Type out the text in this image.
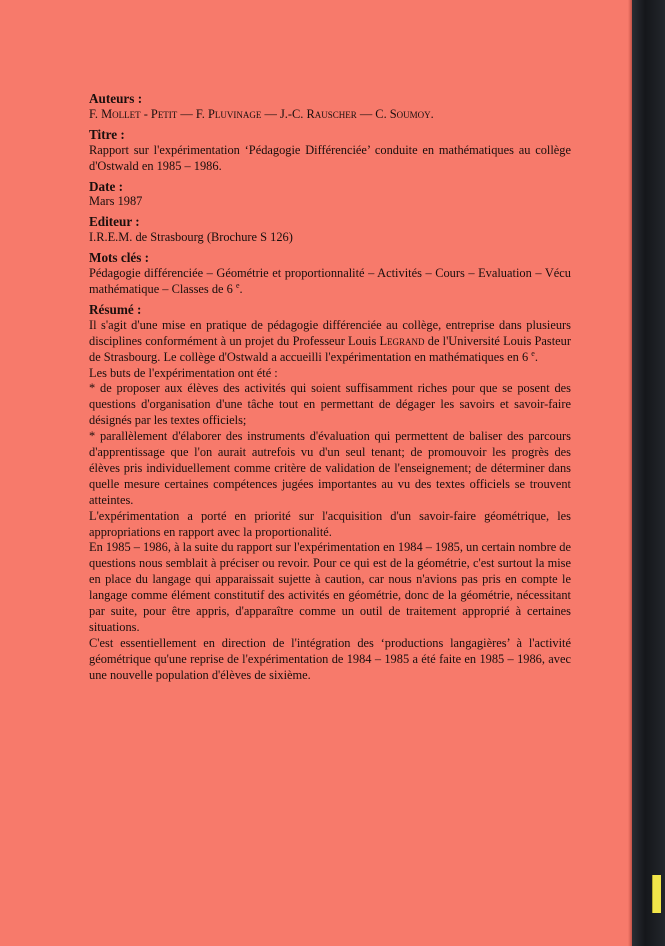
Auteurs :

F. Mollet - Petit — F. Pluvinage — J.-C. Rauscher — C. Soumoy.

Titre :

Rapport sur l'expérimentation ‘Pédagogie Différenciée’ conduite en mathématiques au collège d'Ostwald en 1985 – 1986.

Date :

Mars 1987

Editeur :

I.R.E.M. de Strasbourg (Brochure S 126)

Mots clés :

Pédagogie différenciée – Géométrie et proportionnalité – Activités – Cours – Evaluation – Vécu mathématique – Classes de 6 $^e$.

Résumé :

Il s'agit d'une mise en pratique de pédagogie différenciée au collège, entreprise dans plusieurs disciplines conformément à un projet du Professeur Louis Legrand de l'Université Louis Pasteur de Strasbourg. Le collège d'Ostwald a accueilli l'expérimentation en mathématiques en 6 $^e$.

Les buts de l'expérimentation ont été :

* de proposer aux élèves des activités qui soient suffisamment riches pour que se posent des questions d'organisation d'une tâche tout en permettant de dégager les savoirs et savoir-faire désignés par les textes officiels;

* parallèlement d'élaborer des instruments d'évaluation qui permettent de baliser des parcours d'apprentissage que l'on aurait autrefois vu d'un seul tenant; de promouvoir les progrès des élèves pris individuellement comme critère de validation de l'enseignement; de déterminer dans quelle mesure certaines compétences jugées importantes au vu des textes officiels se trouvent atteintes.

L'expérimentation a porté en priorité sur l'acquisition d'un savoir-faire géométrique, les appropriations en rapport avec la proportionalité.

En 1985 – 1986, à la suite du rapport sur l'expérimentation en 1984 – 1985, un certain nombre de questions nous semblait à préciser ou revoir. Pour ce qui est de la géométrie, c'est surtout la mise en place du langage qui apparaissait sujette à caution, car nous n'avions pas pris en compte le langage comme élément constitutif des activités en géométrie, donc de la géométrie, nécessitant par suite, pour être appris, d'apparaître comme un outil de traitement approprié à certaines situations.

C'est essentiellement en direction de l'intégration des ‘productions langagières’ à l'activité géométrique qu'une reprise de l'expérimentation de 1984 – 1985 a été faite en 1985 – 1986, avec une nouvelle population d'élèves de sixième.
